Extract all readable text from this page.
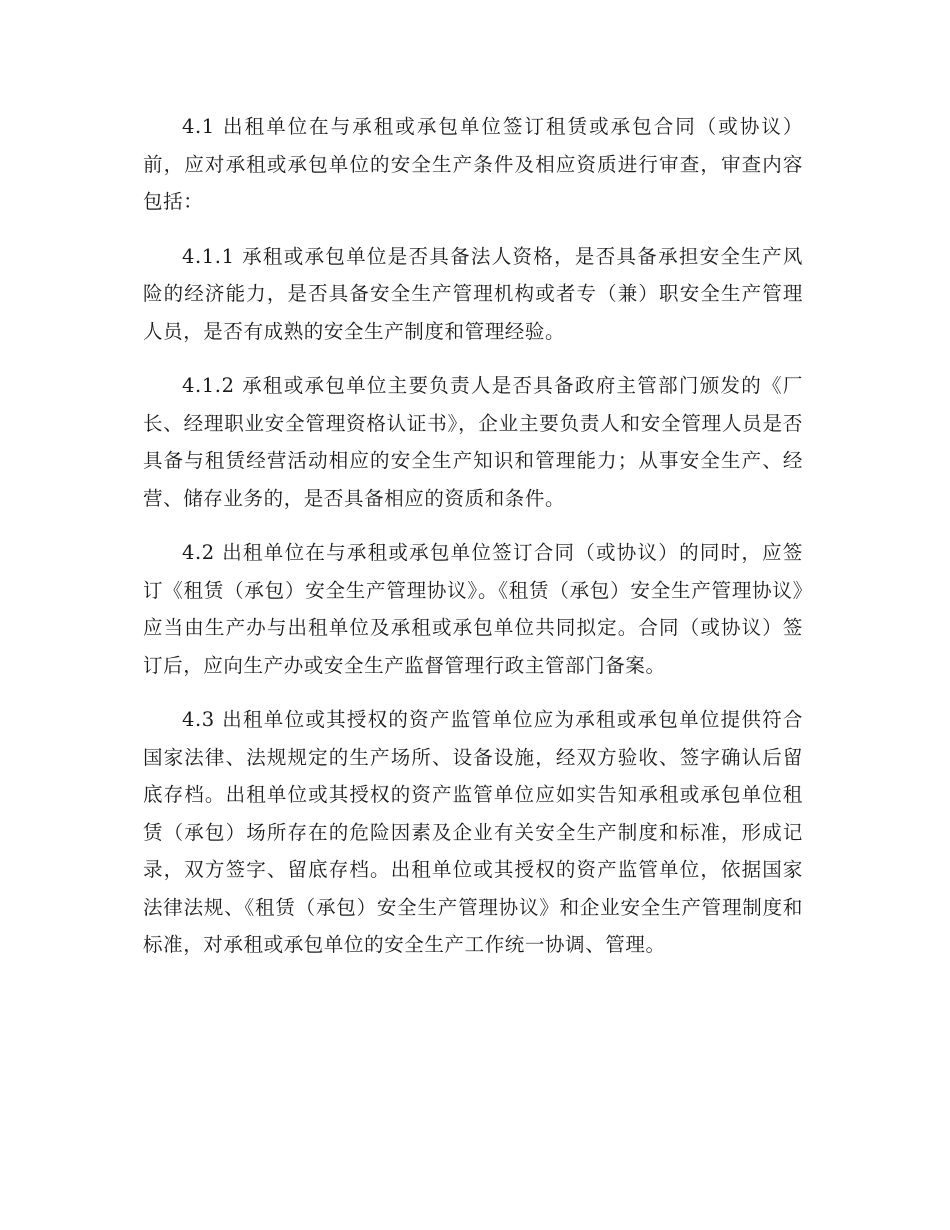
4.1 出租单位在与承租或承包单位签订租赁或承包合同（或协议）前，应对承租或承包单位的安全生产条件及相应资质进行审查，审查内容包括：

4.1.1 承租或承包单位是否具备法人资格，是否具备承担安全生产风险的经济能力，是否具备安全生产管理机构或者专（兼）职安全生产管理人员，是否有成熟的安全生产制度和管理经验。

4.1.2 承租或承包单位主要负责人是否具备政府主管部门颁发的《厂长、经理职业安全管理资格认证书》，企业主要负责人和安全管理人员是否具备与租赁经营活动相应的安全生产知识和管理能力；从事安全生产、经营、储存业务的，是否具备相应的资质和条件。

4.2 出租单位在与承租或承包单位签订合同（或协议）的同时，应签订《租赁（承包）安全生产管理协议》。《租赁（承包）安全生产管理协议》应当由生产办与出租单位及承租或承包单位共同拟定。合同（或协议）签订后，应向生产办或安全生产监督管理行政主管部门备案。

4.3 出租单位或其授权的资产监管单位应为承租或承包单位提供符合国家法律、法规规定的生产场所、设备设施，经双方验收、签字确认后留底存档。出租单位或其授权的资产监管单位应如实告知承租或承包单位租赁（承包）场所存在的危险因素及企业有关安全生产制度和标准，形成记录，双方签字、留底存档。出租单位或其授权的资产监管单位，依据国家法律法规、《租赁（承包）安全生产管理协议》和企业安全生产管理制度和标准，对承租或承包单位的安全生产工作统一协调、管理。
